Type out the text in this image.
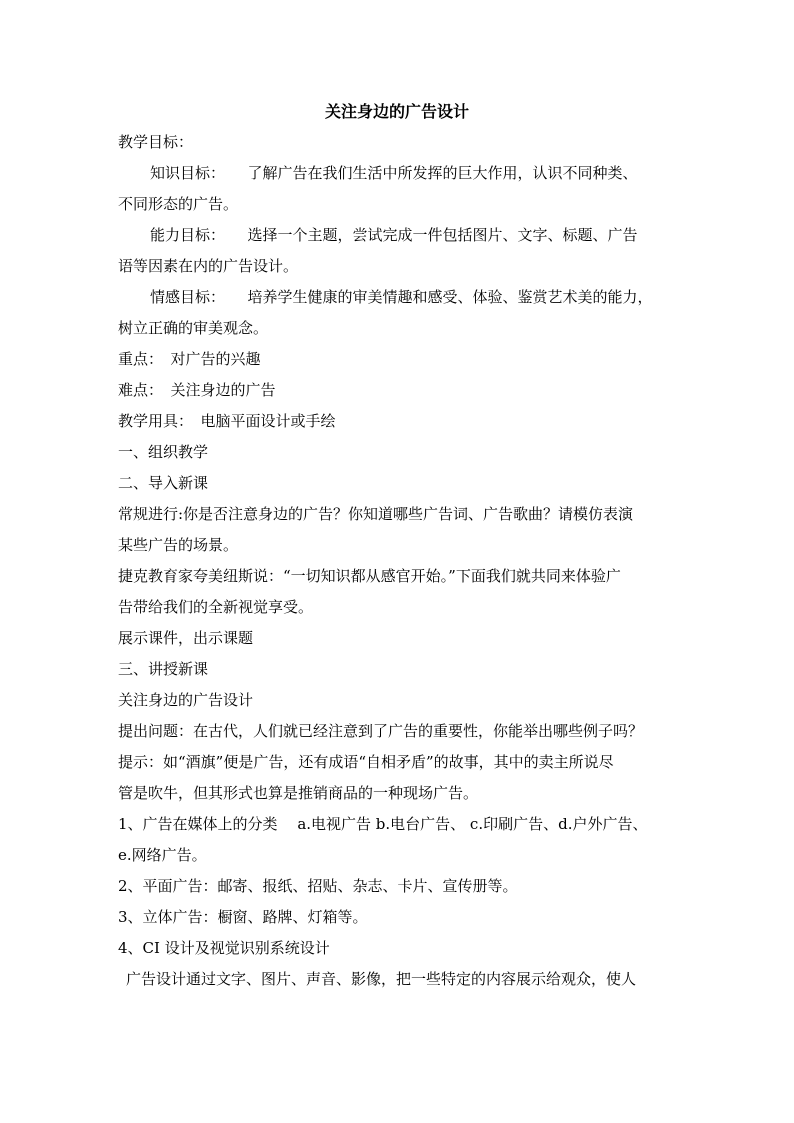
关注身边的广告设计
教学目标：
知识目标：　　了解广告在我们生活中所发挥的巨大作用，认识不同种类、
不同形态的广告。
能力目标：　　选择一个主题，尝试完成一件包括图片、文字、标题、广告
语等因素在内的广告设计。
情感目标：　　培养学生健康的审美情趣和感受、体验、鉴赏艺术美的能力，
树立正确的审美观念。
重点：　对广告的兴趣
难点：　关注身边的广告
教学用具：　电脑平面设计或手绘
一、组织教学
二、导入新课
常规进行:你是否注意身边的广告？你知道哪些广告词、广告歌曲？请模仿表演
某些广告的场景。
捷克教育家夸美纽斯说：“一切知识都从感官开始。”下面我们就共同来体验广
告带给我们的全新视觉享受。
展示课件，出示课题
三、讲授新课
关注身边的广告设计
提出问题：在古代，人们就已经注意到了广告的重要性，你能举出哪些例子吗？
提示：如“酒旗”便是广告，还有成语“自相矛盾”的故事，其中的卖主所说尽
管是吹牛，但其形式也算是推销商品的一种现场广告。
1、广告在媒体上的分类　 a.电视广告 b.电台广告、 c.印刷广告、d.户外广告、
e.网络广告。
2、平面广告：邮寄、报纸、招贴、杂志、卡片、宣传册等。
3、立体广告：橱窗、路牌、灯箱等。
4、CI 设计及视觉识别系统设计
广告设计通过文字、图片、声音、影像，把一些特定的内容展示给观众，使人
